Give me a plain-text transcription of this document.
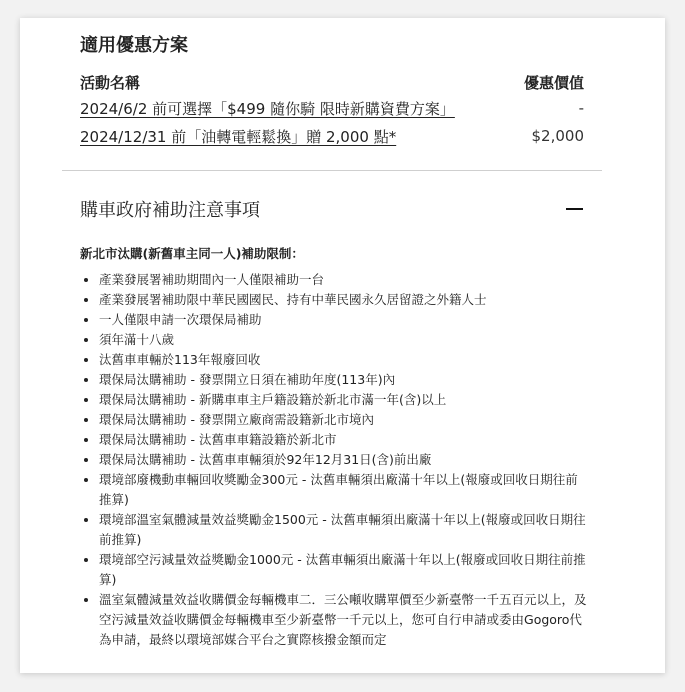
適用優惠方案
活動名稱	優惠價值
2024/6/2 前可選擇「$499 隨你騎 限時新購資費方案」	-
2024/12/31 前「油轉電輕鬆換」贈 2,000 點*	$2,000
購車政府補助注意事項
新北市汰購(新舊車主同一人)補助限制：
• 產業發展署補助期間內一人僅限補助一台
• 產業發展署補助限中華民國國民、持有中華民國永久居留證之外籍人士
• 一人僅限申請一次環保局補助
• 須年滿十八歲
• 汰舊車車輛於113年報廢回收
• 環保局汰購補助 - 發票開立日須在補助年度(113年)內
• 環保局汰購補助 - 新購車車主戶籍設籍於新北市滿一年(含)以上
• 環保局汰購補助 - 發票開立廠商需設籍新北市境內
• 環保局汰購補助 - 汰舊車車籍設籍於新北市
• 環保局汰購補助 - 汰舊車車輛須於92年12月31日(含)前出廠
• 環境部廢機動車輛回收獎勵金300元 - 汰舊車輛須出廠滿十年以上(報廢或回收日期往前推算)
• 環境部溫室氣體減量效益獎勵金1500元 - 汰舊車輛須出廠滿十年以上(報廢或回收日期往前推算)
• 環境部空污減量效益獎勵金1000元 - 汰舊車輛須出廠滿十年以上(報廢或回收日期往前推算)
• 溫室氣體減量效益收購價金每輛機車二．三公噸收購單價至少新臺幣一千五百元以上，及空污減量效益收購價金每輛機車至少新臺幣一千元以上，您可自行申請或委由Gogoro代為申請，最終以環境部媒合平台之實際核撥金額而定
